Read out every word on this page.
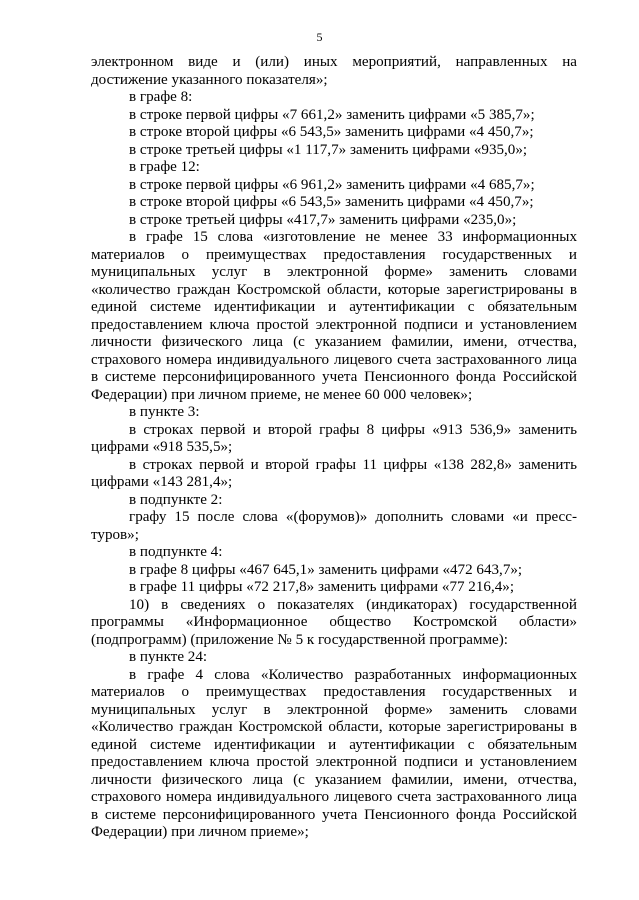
5

электронном виде и (или) иных мероприятий, направленных на достижение указанного показателя»;

в графе 8:

в строке первой цифры «7 661,2» заменить цифрами «5 385,7»;

в строке второй цифры «6 543,5» заменить цифрами «4 450,7»;

в строке третьей цифры «1 117,7» заменить цифрами «935,0»;

в графе 12:

в строке первой цифры «6 961,2» заменить цифрами «4 685,7»;

в строке второй цифры «6 543,5» заменить цифрами «4 450,7»;

в строке третьей цифры «417,7» заменить цифрами «235,0»;

в графе 15 слова «изготовление не менее 33 информационных материалов о преимуществах предоставления государственных и муниципальных услуг в электронной форме» заменить словами «количество граждан Костромской области, которые зарегистрированы в единой системе идентификации и аутентификации с обязательным предоставлением ключа простой электронной подписи и установлением личности физического лица (с указанием фамилии, имени, отчества, страхового номера индивидуального лицевого счета застрахованного лица в системе персонифицированного учета Пенсионного фонда Российской Федерации) при личном приеме, не менее 60 000 человек»;

в пункте 3:

в строках первой и второй графы 8 цифры «913 536,9» заменить цифрами «918 535,5»;

в строках первой и второй графы 11 цифры «138 282,8» заменить цифрами «143 281,4»;

в подпункте 2:

графу 15 после слова «(форумов)» дополнить словами «и пресс-туров»;

в подпункте 4:

в графе 8 цифры «467 645,1» заменить цифрами «472 643,7»;

в графе 11 цифры «72 217,8» заменить цифрами «77 216,4»;

10) в сведениях о показателях (индикаторах) государственной программы «Информационное общество Костромской области» (подпрограмм) (приложение № 5 к государственной программе):

в пункте 24:

в графе 4 слова «Количество разработанных информационных материалов о преимуществах предоставления государственных и муниципальных услуг в электронной форме» заменить словами «Количество граждан Костромской области, которые зарегистрированы в единой системе идентификации и аутентификации с обязательным предоставлением ключа простой электронной подписи и установлением личности физического лица (с указанием фамилии, имени, отчества, страхового номера индивидуального лицевого счета застрахованного лица в системе персонифицированного учета Пенсионного фонда Российской Федерации) при личном приеме»;
